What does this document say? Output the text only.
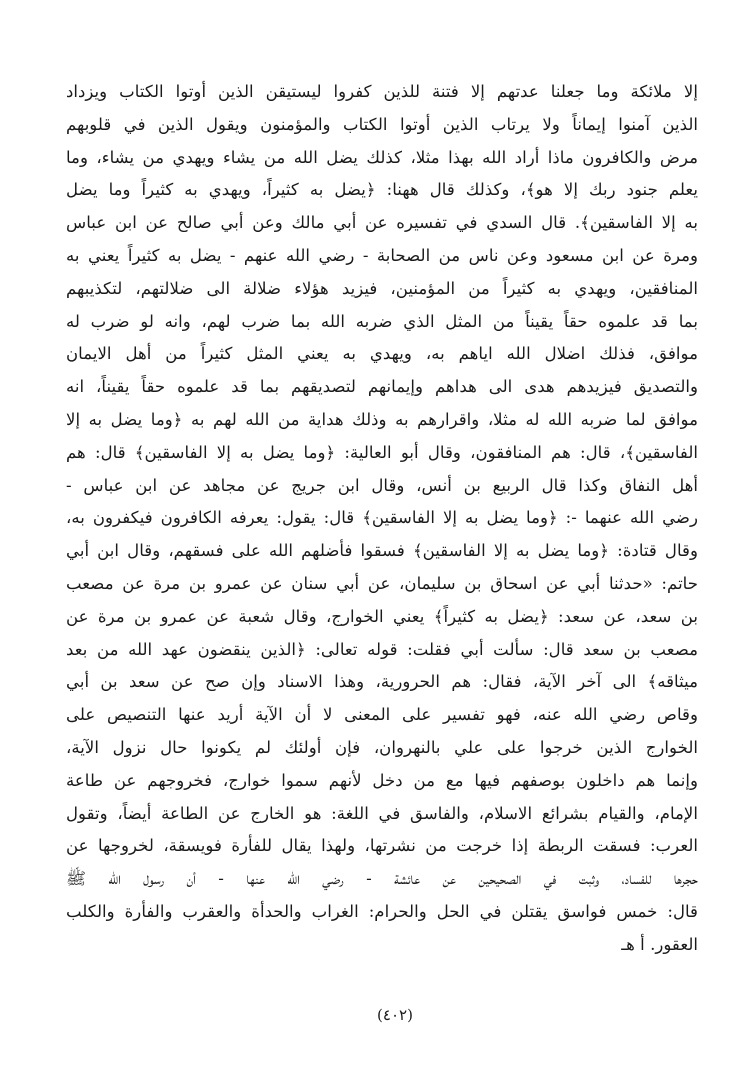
إلا ملائكة وما جعلنا عدتهم إلا فتنة للذين كفروا ليستيقن الذين أوتوا الكتاب ويزداد
الذين آمنوا إيماناً ولا يرتاب الذين أوتوا الكتاب والمؤمنون ويقول الذين في قلوبهم
مرض والكافرون ماذا أراد الله بهذا مثلا، كذلك يضل الله من يشاء ويهدي من يشاء، وما
يعلم جنود ربك إلا هو﴾، وكذلك قال ههنا: ﴿يضل به كثيراً، ويهدي به كثيراً وما يضل
به إلا الفاسقين﴾. قال السدي في تفسيره عن أبي مالك وعن أبي صالح عن ابن عباس
ومرة عن ابن مسعود وعن ناس من الصحابة - رضي الله عنهم - يضل به كثيراً يعني به
المنافقين، ويهدي به كثيراً من المؤمنين، فيزيد هؤلاء ضلالة الى ضلالتهم، لتكذيبهم
بما قد علموه حقاً يقيناً من المثل الذي ضربه الله بما ضرب لهم، وانه لو ضرب له
موافق، فذلك اضلال الله اياهم به، ويهدي به يعني المثل كثيراً من أهل الايمان
والتصديق فيزيدهم هدى الى هداهم وإيمانهم لتصديقهم بما قد علموه حقاً يقيناً، انه
موافق لما ضربه الله له مثلا، واقرارهم به وذلك هداية من الله لهم به ﴿وما يضل به إلا
الفاسقين﴾، قال: هم المنافقون، وقال أبو العالية: ﴿وما يضل به إلا الفاسقين﴾ قال: هم
أهل النفاق وكذا قال الربيع بن أنس، وقال ابن جريج عن مجاهد عن ابن عباس -
رضي الله عنهما -: ﴿وما يضل به إلا الفاسقين﴾ قال: يقول: يعرفه الكافرون فيكفرون به،
وقال قتادة: ﴿وما يضل به إلا الفاسقين﴾ فسقوا فأضلهم الله على فسقهم، وقال ابن أبي
حاتم: «حدثنا أبي عن اسحاق بن سليمان، عن أبي سنان عن عمرو بن مرة عن مصعب
بن سعد، عن سعد: ﴿يضل به كثيراً﴾ يعني الخوارج، وقال شعبة عن عمرو بن مرة عن
مصعب بن سعد قال: سألت أبي فقلت: قوله تعالى: ﴿الذين ينقضون عهد الله من بعد
ميثاقه﴾ الى آخر الآية، فقال: هم الحرورية، وهذا الاسناد وإن صح عن سعد بن أبي
وقاص رضي الله عنه، فهو تفسير على المعنى لا أن الآية أريد عنها التنصيص على
الخوارج الذين خرجوا على علي بالنهروان، فإن أولئك لم يكونوا حال نزول الآية،
وإنما هم داخلون بوصفهم فيها مع من دخل لأنهم سموا خوارج، فخروجهم عن طاعة
الإمام، والقيام بشرائع الاسلام، والفاسق في اللغة: هو الخارج عن الطاعة أيضاً، وتقول
العرب: فسقت الربطة إذا خرجت من نشرتها، ولهذا يقال للفأرة فويسقة، لخروجها عن
حجرها للفساد، وثبت في الصحيحين عن عائشة - رضي الله عنها - أن رسول الله ﷺ
قال: خمس فواسق يقتلن في الحل والحرام: الغراب والحدأة والعقرب والفأرة والكلب
العقور. أ هـ
(٤٠٢)
